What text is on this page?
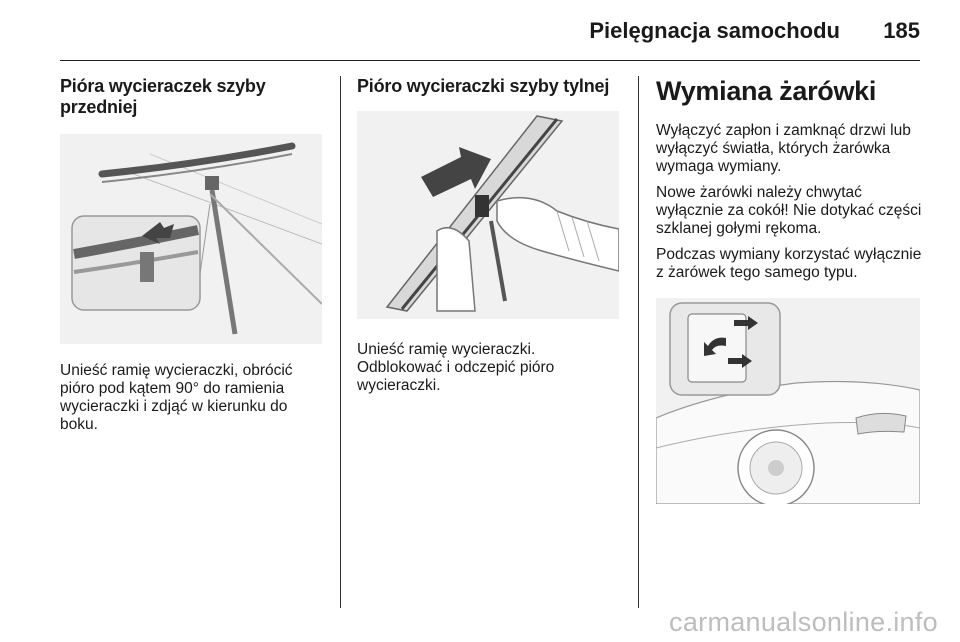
Pielęgnacja samochodu 185
Pióra wycieraczek szyby przedniej

Unieść ramię wycieraczki, obrócić pióro pod kątem 90° do ramienia wycieraczki i zdjąć w kierunku do boku.

Pióro wycieraczki szyby tylnej

Unieść ramię wycieraczki. Odblokować i odczepić pióro wycieraczki.

Wymiana żarówki

Wyłączyć zapłon i zamknąć drzwi lub wyłączyć światła, których żarówka wymaga wymiany.

Nowe żarówki należy chwytać wyłącznie za cokół! Nie dotykać części szklanej gołymi rękoma.

Podczas wymiany korzystać wyłącznie z żarówek tego samego typu.

carmanualsonline.info
